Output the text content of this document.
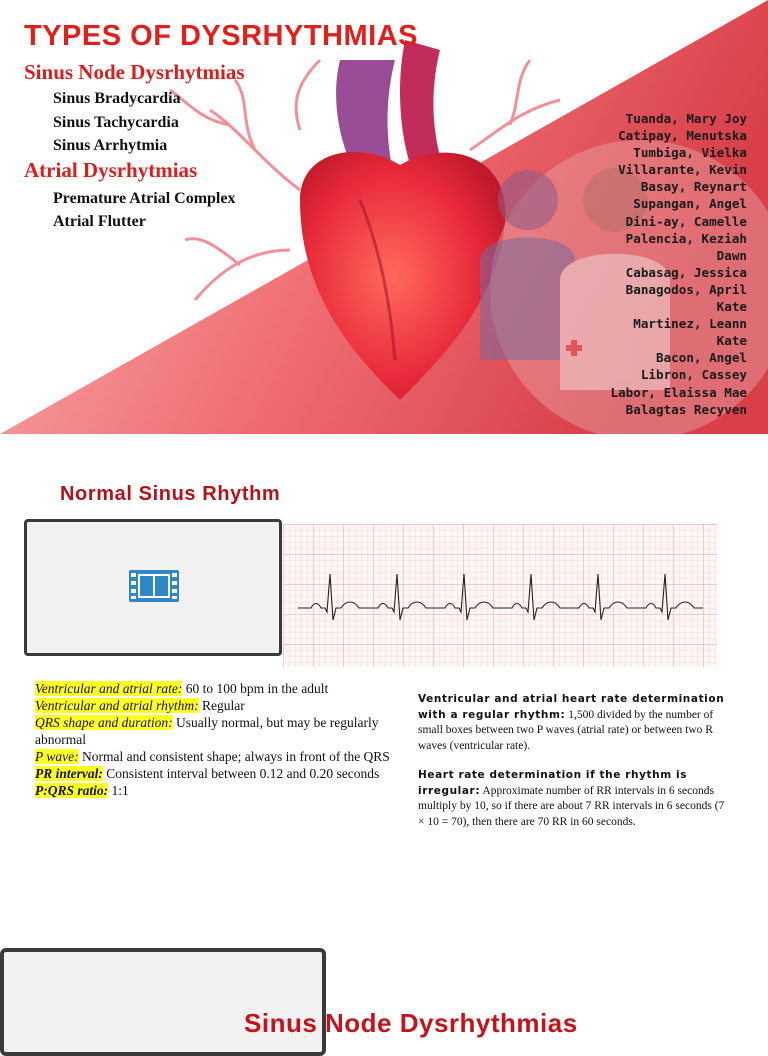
TYPES OF DYSRHYTHMIAS
Sinus Node Dysrhytmias

Sinus Bradycardia

Sinus Tachycardia

Sinus Arrhytmia

Atrial Dysrhytmias

Premature Atrial Complex

Atrial Flutter

Tuanda, Mary Joy
Catipay, Menutska
Tumbiga, Vielka
Villarante, Kevin
Basay, Reynart
Supangan, Angel
Dini-ay, Camelle
Palencia, Keziah
Dawn
Cabasag, Jessica
Banagodos, April
Kate
Martinez, Leann
Kate
Bacon, Angel
Libron, Cassey
Labor, Elaissa Mae
Balagtas Recyven
Normal Sinus Rhythm

Ventricular and atrial rate: 60 to 100 bpm in the adult

Ventricular and atrial rhythm: Regular

QRS shape and duration: Usually normal, but may be regularly abnormal

P wave: Normal and consistent shape; always in front of the QRS

PR interval: Consistent interval between 0.12 and 0.20 seconds

P:QRS ratio: 1:1

Ventricular and atrial heart rate determination with a regular rhythm: 1,500 divided by the number of small boxes between two P waves (atrial rate) or between two R waves (ventricular rate).

Heart rate determination if the rhythm is irregular: Approximate number of RR intervals in 6 seconds multiply by 10, so if there are about 7 RR intervals in 6 seconds (7 × 10 = 70), then there are 70 RR in 60 seconds.

Sinus Node Dysrhythmias
